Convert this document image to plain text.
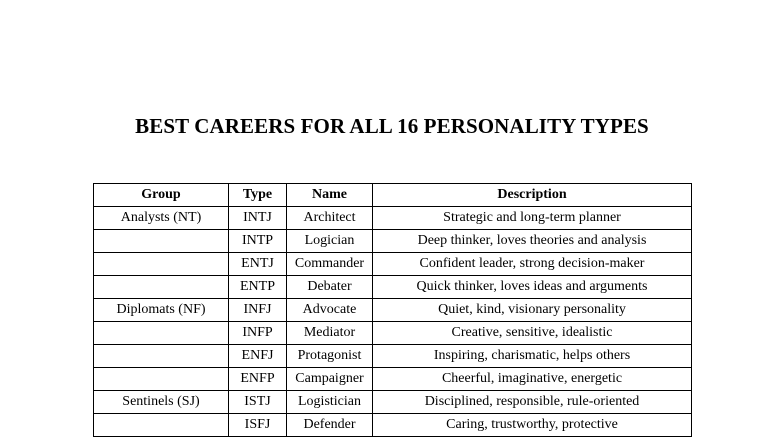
BEST CAREERS FOR ALL 16 PERSONALITY TYPES
Group	Type	Name	Description
Analysts (NT)	INTJ	Architect	Strategic and long-term planner
	INTP	Logician	Deep thinker, loves theories and analysis
	ENTJ	Commander	Confident leader, strong decision-maker
	ENTP	Debater	Quick thinker, loves ideas and arguments
Diplomats (NF)	INFJ	Advocate	Quiet, kind, visionary personality
	INFP	Mediator	Creative, sensitive, idealistic
	ENFJ	Protagonist	Inspiring, charismatic, helps others
	ENFP	Campaigner	Cheerful, imaginative, energetic
Sentinels (SJ)	ISTJ	Logistician	Disciplined, responsible, rule-oriented
	ISFJ	Defender	Caring, trustworthy, protective
